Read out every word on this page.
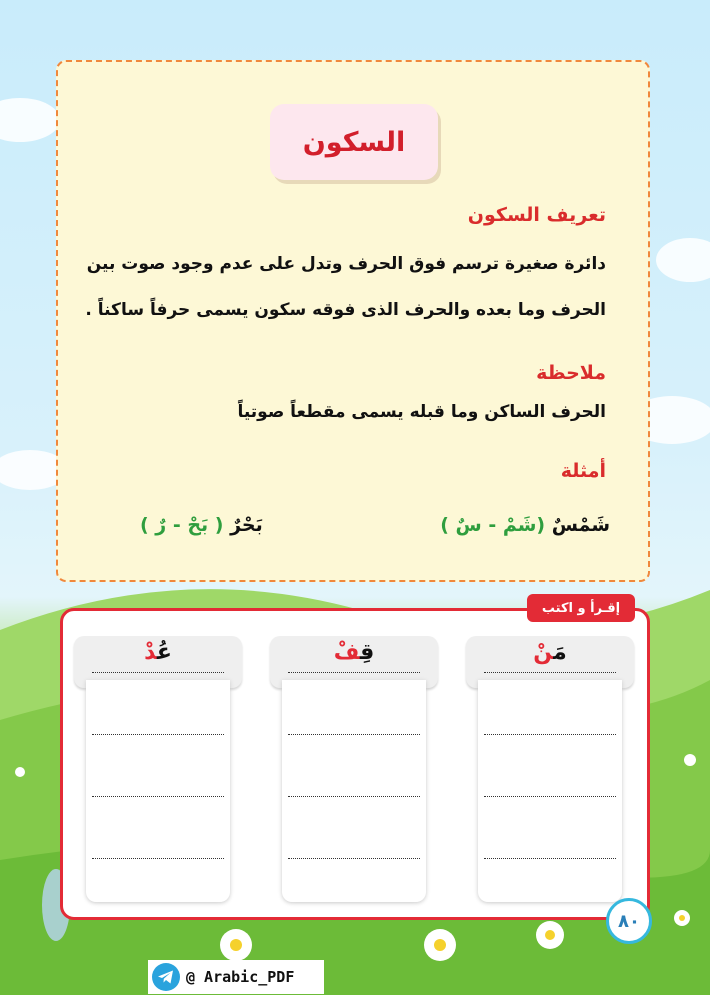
السكون
تعريف السكون
دائرة صغيرة ترسم فوق الحرف وتدل على عدم وجود صوت بين
الحرف وما بعده والحرف الذى فوقه سكون يسمى حرفاً ساكناً .
ملاحظة
الحرف الساكن وما قبله يسمى مقطعاً صوتياً
أمثلة
شَمْسٌ (شَمْ - سٌ )
بَحْرٌ ( بَحْ - رٌ )
إقـرأ و اكتب
مَنْ
قِفْ
عُدْ
٨٠
@ Arabic_PDF
